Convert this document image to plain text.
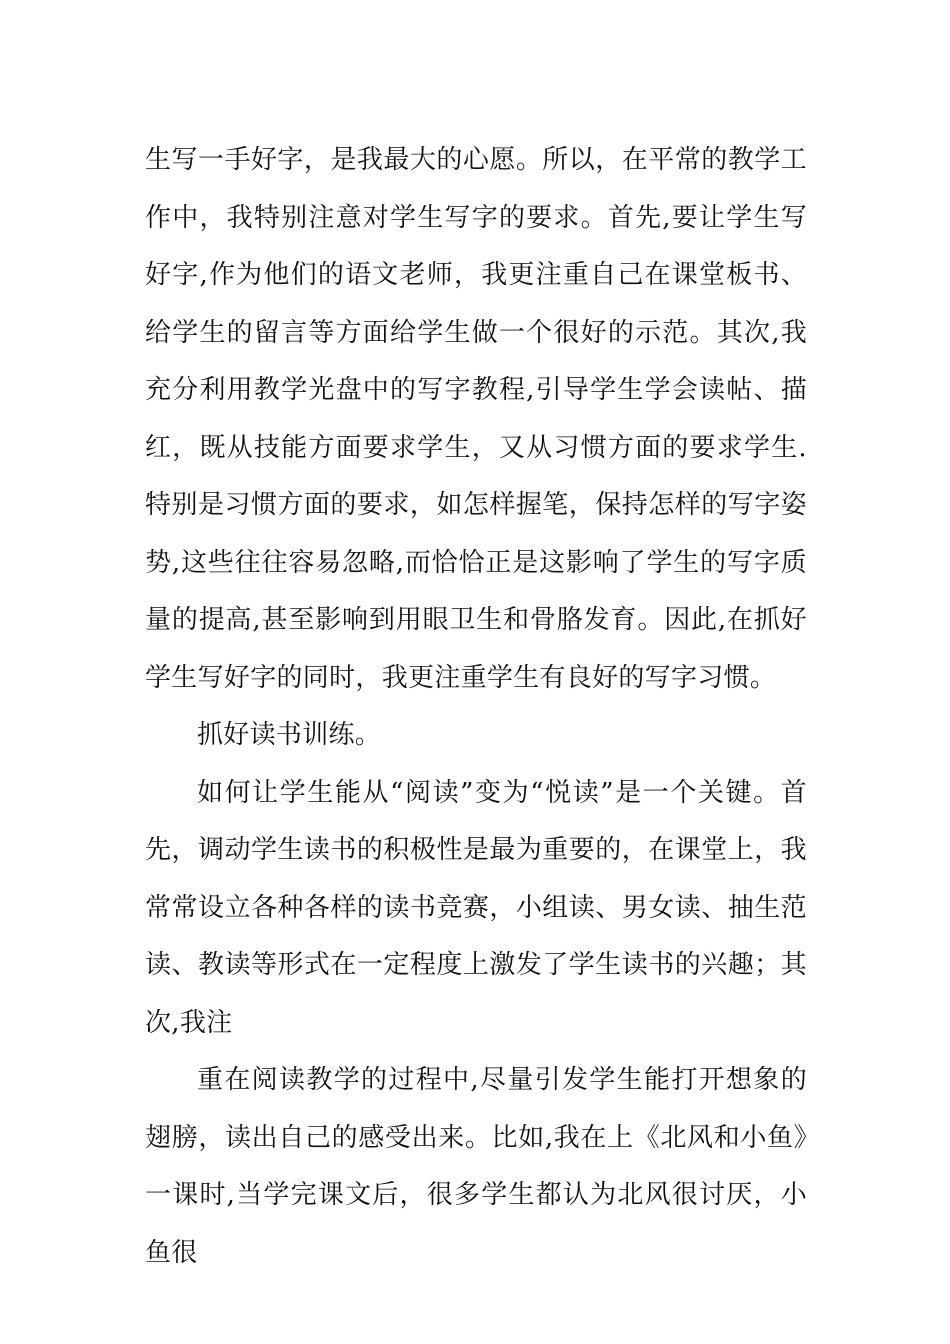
生写一手好字，是我最大的心愿。所以，在平常的教学工作中，我特别注意对学生写字的要求。首先,要让学生写好字,作为他们的语文老师，我更注重自己在课堂板书、给学生的留言等方面给学生做一个很好的示范。其次,我充分利用教学光盘中的写字教程,引导学生学会读帖、描红，既从技能方面要求学生，又从习惯方面的要求学生.特别是习惯方面的要求，如怎样握笔，保持怎样的写字姿势,这些往往容易忽略,而恰恰正是这影响了学生的写字质量的提高,甚至影响到用眼卫生和骨胳发育。因此,在抓好学生写好字的同时，我更注重学生有良好的写字习惯。

抓好读书训练。

如何让学生能从“阅读”变为“悦读”是一个关键。首先，调动学生读书的积极性是最为重要的，在课堂上，我常常设立各种各样的读书竞赛，小组读、男女读、抽生范读、教读等形式在一定程度上激发了学生读书的兴趣；其次,我注

重在阅读教学的过程中,尽量引发学生能打开想象的翅膀，读出自己的感受出来。比如,我在上《北风和小鱼》一课时,当学完课文后，很多学生都认为北风很讨厌，小鱼很
